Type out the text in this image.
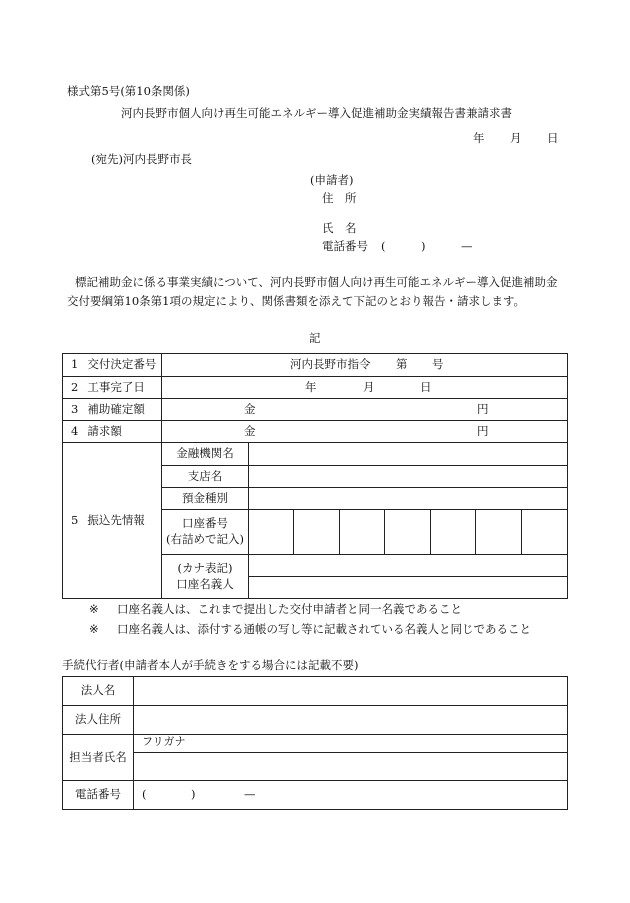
様式第5号(第10条関係)
河内長野市個人向け再生可能エネルギー導入促進補助金実績報告書兼請求書
年 月 日
(宛先)河内長野市長
(申請者)
住　所
氏　名
電話番号 (	)	—
標記補助金に係る事業実績について、河内長野市個人向け再生可能エネルギー導入促進補助金
交付要綱第10条第1項の規定により、関係書類を添えて下記のとおり報告・請求します。
記
1 交付決定番号	河内長野市指令 第 号							

2 工事完了日	年 月 日							

3 補助確定額	金 円							

4 請求額	金 円							

5 振込先情報	金融機関名							
	支店名							
	預金種別							

	口座番号
(右詰めで記入)							

	(カナ表記)
口座名義人							

※ 口座名義人は、これまで提出した交付申請者と同一名義であること
※ 口座名義人は、添付する通帳の写し等に記載されている名義人と同じであること
手続代行者(申請者本人が手続きをする場合には記載不要)
法人名	
法人住所	
担当者氏名	フリガナ

電話番号	( ) —
